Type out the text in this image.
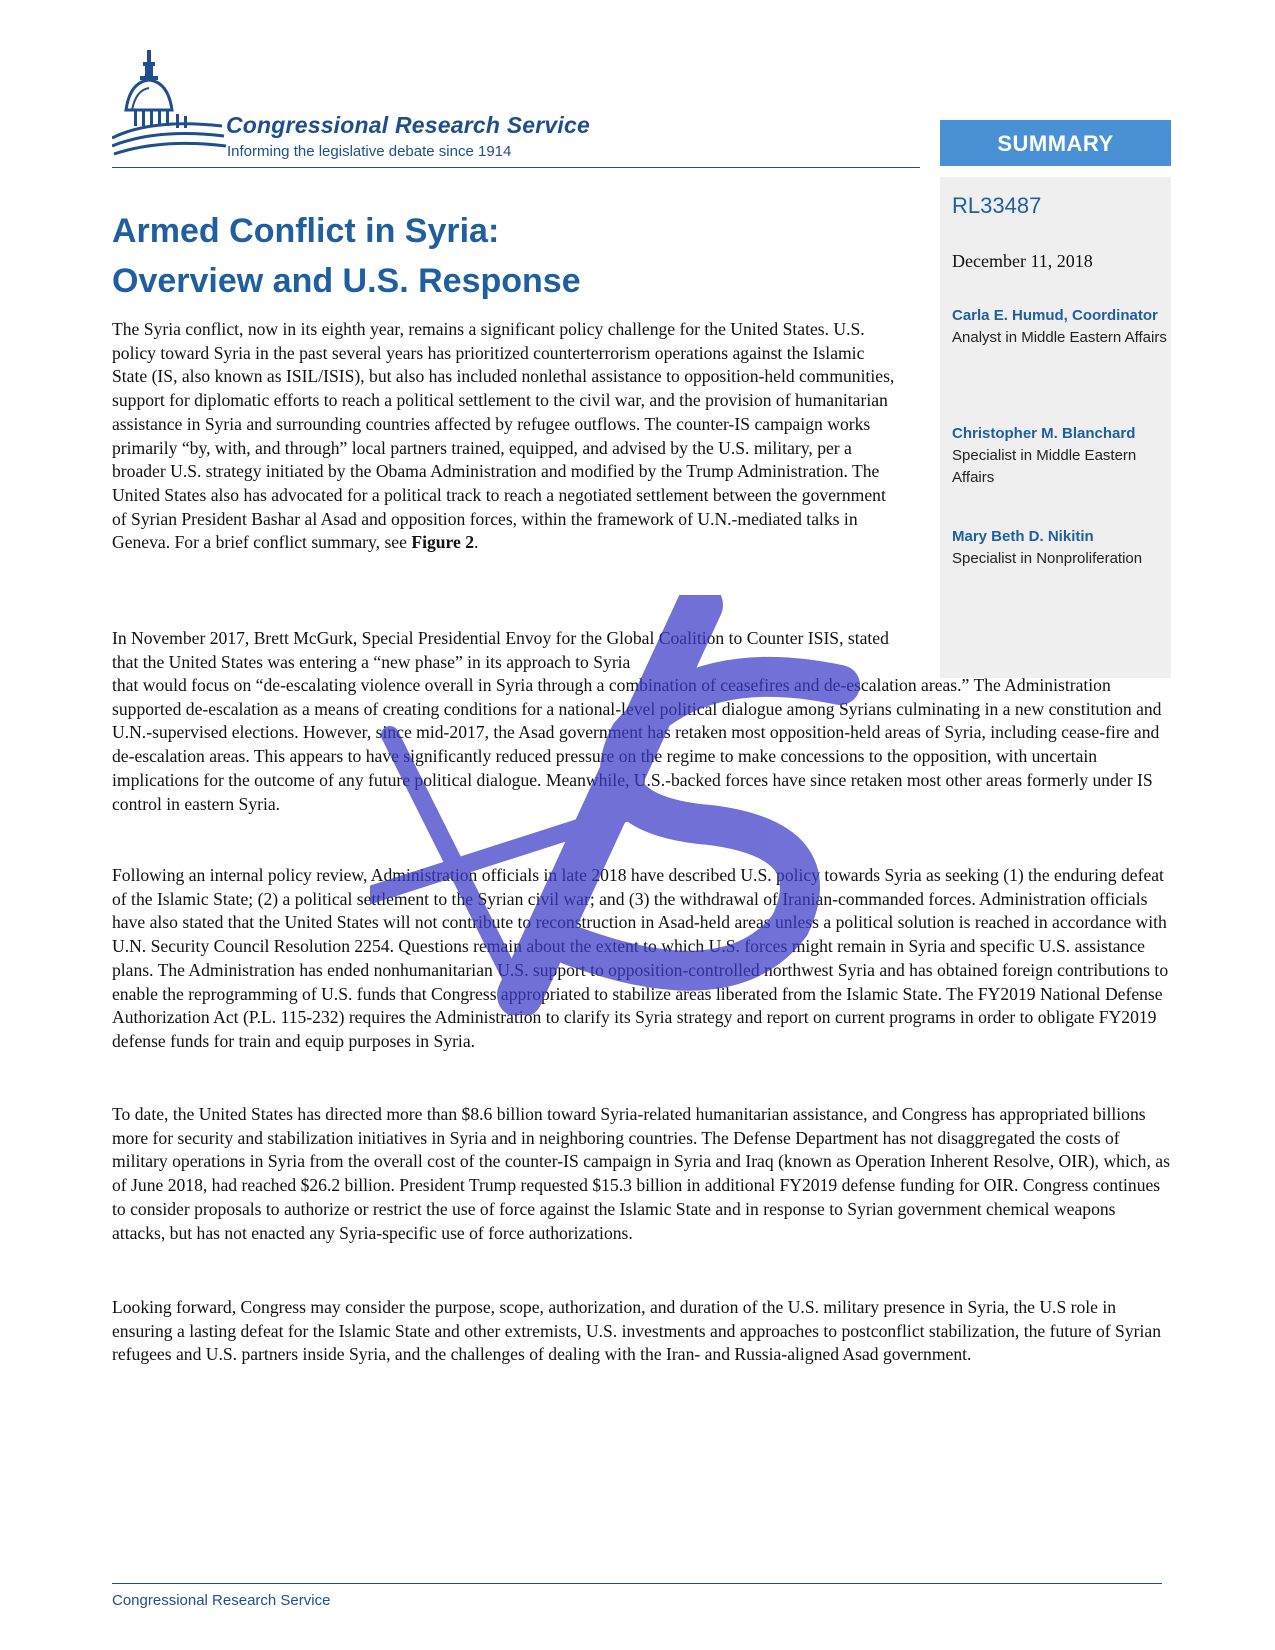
Congressional Research Service
Informing the legislative debate since 1914	SUMMARY
RL33487
December 11, 2018
Carla E. Humud, Coordinator
Analyst in Middle Eastern Affairs
Christopher M. Blanchard
Specialist in Middle Eastern Affairs
Mary Beth D. Nikitin
Specialist in Nonproliferation
Armed Conflict in Syria:
Overview and U.S. Response

The Syria conflict, now in its eighth year, remains a significant policy challenge for the United States. U.S. policy toward Syria in the past several years has prioritized counterterrorism operations against the Islamic State (IS, also known as ISIL/ISIS), but also has included nonlethal assistance to opposition-held communities, support for diplomatic efforts to reach a political settlement to the civil war, and the provision of humanitarian assistance in Syria and surrounding countries affected by refugee outflows. The counter-IS campaign works primarily “by, with, and through” local partners trained, equipped, and advised by the U.S. military, per a broader U.S. strategy initiated by the Obama Administration and modified by the Trump Administration. The United States also has advocated for a political track to reach a negotiated settlement between the government of Syrian President Bashar al Asad and opposition forces, within the framework of U.N.-mediated talks in Geneva. For a brief conflict summary, see Figure 2.

In November 2017, Brett McGurk, Special Presidential Envoy for the Global Coalition to Counter ISIS, stated that the United States was entering a “new phase” in its approach to Syria

that would focus on “de-escalating violence overall in Syria through a combination of ceasefires and de-escalation areas.” The Administration supported de-escalation as a means of creating conditions for a national-level political dialogue among Syrians culminating in a new constitution and U.N.-supervised elections. However, since mid-2017, the Asad government has retaken most opposition-held areas of Syria, including cease-fire and de-escalation areas. This appears to have significantly reduced pressure on the regime to make concessions to the opposition, with uncertain implications for the outcome of any future political dialogue. Meanwhile, U.S.-backed forces have since retaken most other areas formerly under IS control in eastern Syria.

Following an internal policy review, Administration officials in late 2018 have described U.S. policy towards Syria as seeking (1) the enduring defeat of the Islamic State; (2) a political settlement to the Syrian civil war; and (3) the withdrawal of Iranian-commanded forces. Administration officials have also stated that the United States will not contribute to reconstruction in Asad-held areas unless a political solution is reached in accordance with U.N. Security Council Resolution 2254. Questions remain about the extent to which U.S. forces might remain in Syria and specific U.S. assistance plans. The Administration has ended nonhumanitarian U.S. support to opposition-controlled northwest Syria and has obtained foreign contributions to enable the reprogramming of U.S. funds that Congress appropriated to stabilize areas liberated from the Islamic State. The FY2019 National Defense Authorization Act (P.L. 115-232) requires the Administration to clarify its Syria strategy and report on current programs in order to obligate FY2019 defense funds for train and equip purposes in Syria.

To date, the United States has directed more than $8.6 billion toward Syria-related humanitarian assistance, and Congress has appropriated billions more for security and stabilization initiatives in Syria and in neighboring countries. The Defense Department has not disaggregated the costs of military operations in Syria from the overall cost of the counter-IS campaign in Syria and Iraq (known as Operation Inherent Resolve, OIR), which, as of June 2018, had reached $26.2 billion. President Trump requested $15.3 billion in additional FY2019 defense funding for OIR. Congress continues to consider proposals to authorize or restrict the use of force against the Islamic State and in response to Syrian government chemical weapons attacks, but has not enacted any Syria-specific use of force authorizations.

Looking forward, Congress may consider the purpose, scope, authorization, and duration of the U.S. military presence in Syria, the U.S role in ensuring a lasting defeat for the Islamic State and other extremists, U.S. investments and approaches to postconflict stabilization, the future of Syrian refugees and U.S. partners inside Syria, and the challenges of dealing with the Iran- and Russia-aligned Asad government.

Congressional Research Service
